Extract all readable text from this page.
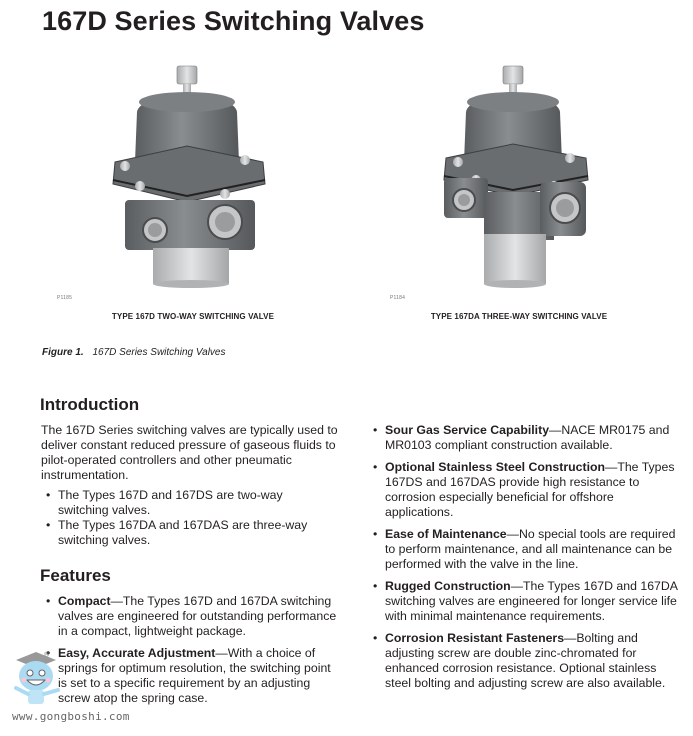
167D Series Switching Valves
P1185
TYPE 167D TWO-WAY SWITCHING VALVE
P1184
TYPE 167DA THREE-WAY SWITCHING VALVE
Figure 1. 167D Series Switching Valves
Introduction

The 167D Series switching valves are typically used to deliver constant reduced pressure of gaseous fluids to pilot-operated controllers and other pneumatic instrumentation.

• The Types 167D and 167DS are two-way switching valves.
• The Types 167DA and 167DAS are three-way switching valves.
Features
• Compact—The Types 167D and 167DA switching valves are engineered for outstanding performance in a compact, lightweight package.
• Easy, Accurate Adjustment—With a choice of springs for optimum resolution, the switching point is set to a specific requirement by an adjusting screw atop the spring case.
• Sour Gas Service Capability—NACE MR0175 and MR0103 compliant construction available.
• Optional Stainless Steel Construction—The Types 167DS and 167DAS provide high resistance to corrosion especially beneficial for offshore applications.
• Ease of Maintenance—No special tools are required to perform maintenance, and all maintenance can be performed with the valve in the line.
• Rugged Construction—The Types 167D and 167DA switching valves are engineered for longer service life with minimal maintenance requirements.
• Corrosion Resistant Fasteners—Bolting and adjusting screw are double zinc-chromated for enhanced corrosion resistance. Optional stainless steel bolting and adjusting screw are also available.
®
www.gongboshi.com
